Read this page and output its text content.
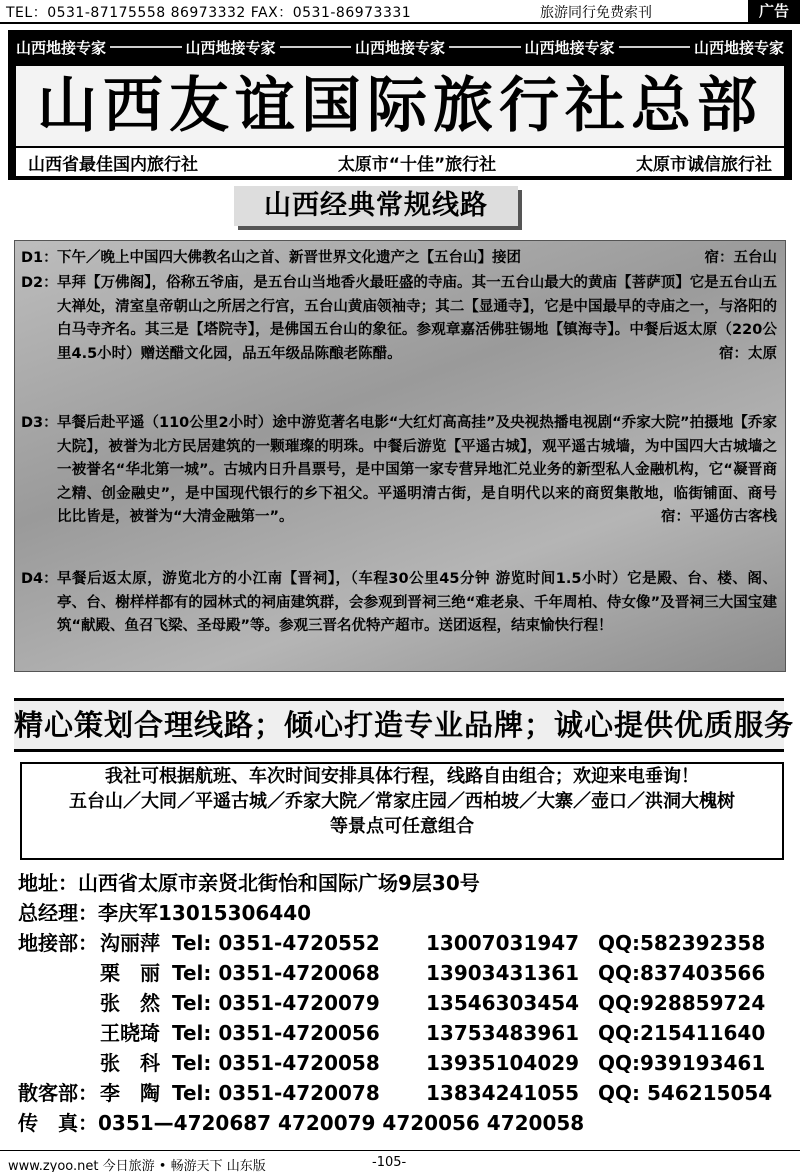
TEL：0531-87175558 86973332 FAX：0531-86973331	旅游同行免费索刊	广告
山西地接专家	山西地接专家	山西地接专家	山西地接专家	山西地接专家
山西友谊国际旅行社总部
山西省最佳国内旅行社	太原市“十佳”旅行社	太原市诚信旅行社
山西经典常规线路
D1： 下午／晚上中国四大佛教名山之首、新晋世界文化遗产之【五台山】接团	宿：五台山
D2： 早拜【万佛阁】，俗称五爷庙，是五台山当地香火最旺盛的寺庙。其一五台山最大的黄庙【菩萨顶】它是五台山五大禅处，清室皇帝朝山之所居之行宫，五台山黄庙领袖寺；其二【显通寺】，它是中国最早的寺庙之一，与洛阳的白马寺齐名。其三是【塔院寺】，是佛国五台山的象征。参观章嘉活佛驻锡地【镇海寺】。中餐后返太原（220公里4.5小时）赠送醋文化园，品五年级品陈酿老陈醋。	宿：太原
D3： 早餐后赴平遥（110公里2小时）途中游览著名电影“大红灯高高挂”及央视热播电视剧“乔家大院”拍摄地【乔家大院】，被誉为北方民居建筑的一颗璀璨的明珠。中餐后游览【平遥古城】，观平遥古城墙，为中国四大古城墙之一被誉名“华北第一城”。古城内日升昌票号，是中国第一家专营异地汇兑业务的新型私人金融机构，它“凝晋商之精、创金融史”，是中国现代银行的乡下祖父。平遥明清古街，是自明代以来的商贸集散地，临街铺面、商号比比皆是，被誉为“大清金融第一”。	宿：平遥仿古客栈
D4： 早餐后返太原，游览北方的小江南【晋祠】，（车程30公里45分钟 游览时间1.5小时）它是殿、台、楼、阁、亭、台、榭样样都有的园林式的祠庙建筑群，会参观到晋祠三绝“难老泉、千年周柏、侍女像”及晋祠三大国宝建筑“献殿、鱼召飞梁、圣母殿”等。参观三晋名优特产超市。送团返程，结束愉快行程！
精心策划合理线路；倾心打造专业品牌；诚心提供优质服务
我社可根据航班、车次时间安排具体行程，线路自由组合；欢迎来电垂询！
五台山／大同／平遥古城／乔家大院／常家庄园／西柏坡／大寨／壶口／洪洞大槐树
等景点可任意组合
地址：山西省太原市亲贤北街怡和国际广场9层30号
总经理：李庆军13015306440
地接部： 沟丽萍 Tel: 0351-4720552 13007031947 QQ:582392358
栗　丽 Tel: 0351-4720068 13903431361 QQ:837403566
张　然 Tel: 0351-4720079 13546303454 QQ:928859724
王晓琦 Tel: 0351-4720056 13753483961 QQ:215411640
张　科 Tel: 0351-4720058 13935104029 QQ:939193461
散客部： 李　陶 Tel: 0351-4720078 13834241055 QQ: 546215054
传　真：0351—4720687 4720079 4720056 4720058
www.zyoo.net 今日旅游 • 畅游天下 山东版	-105-
